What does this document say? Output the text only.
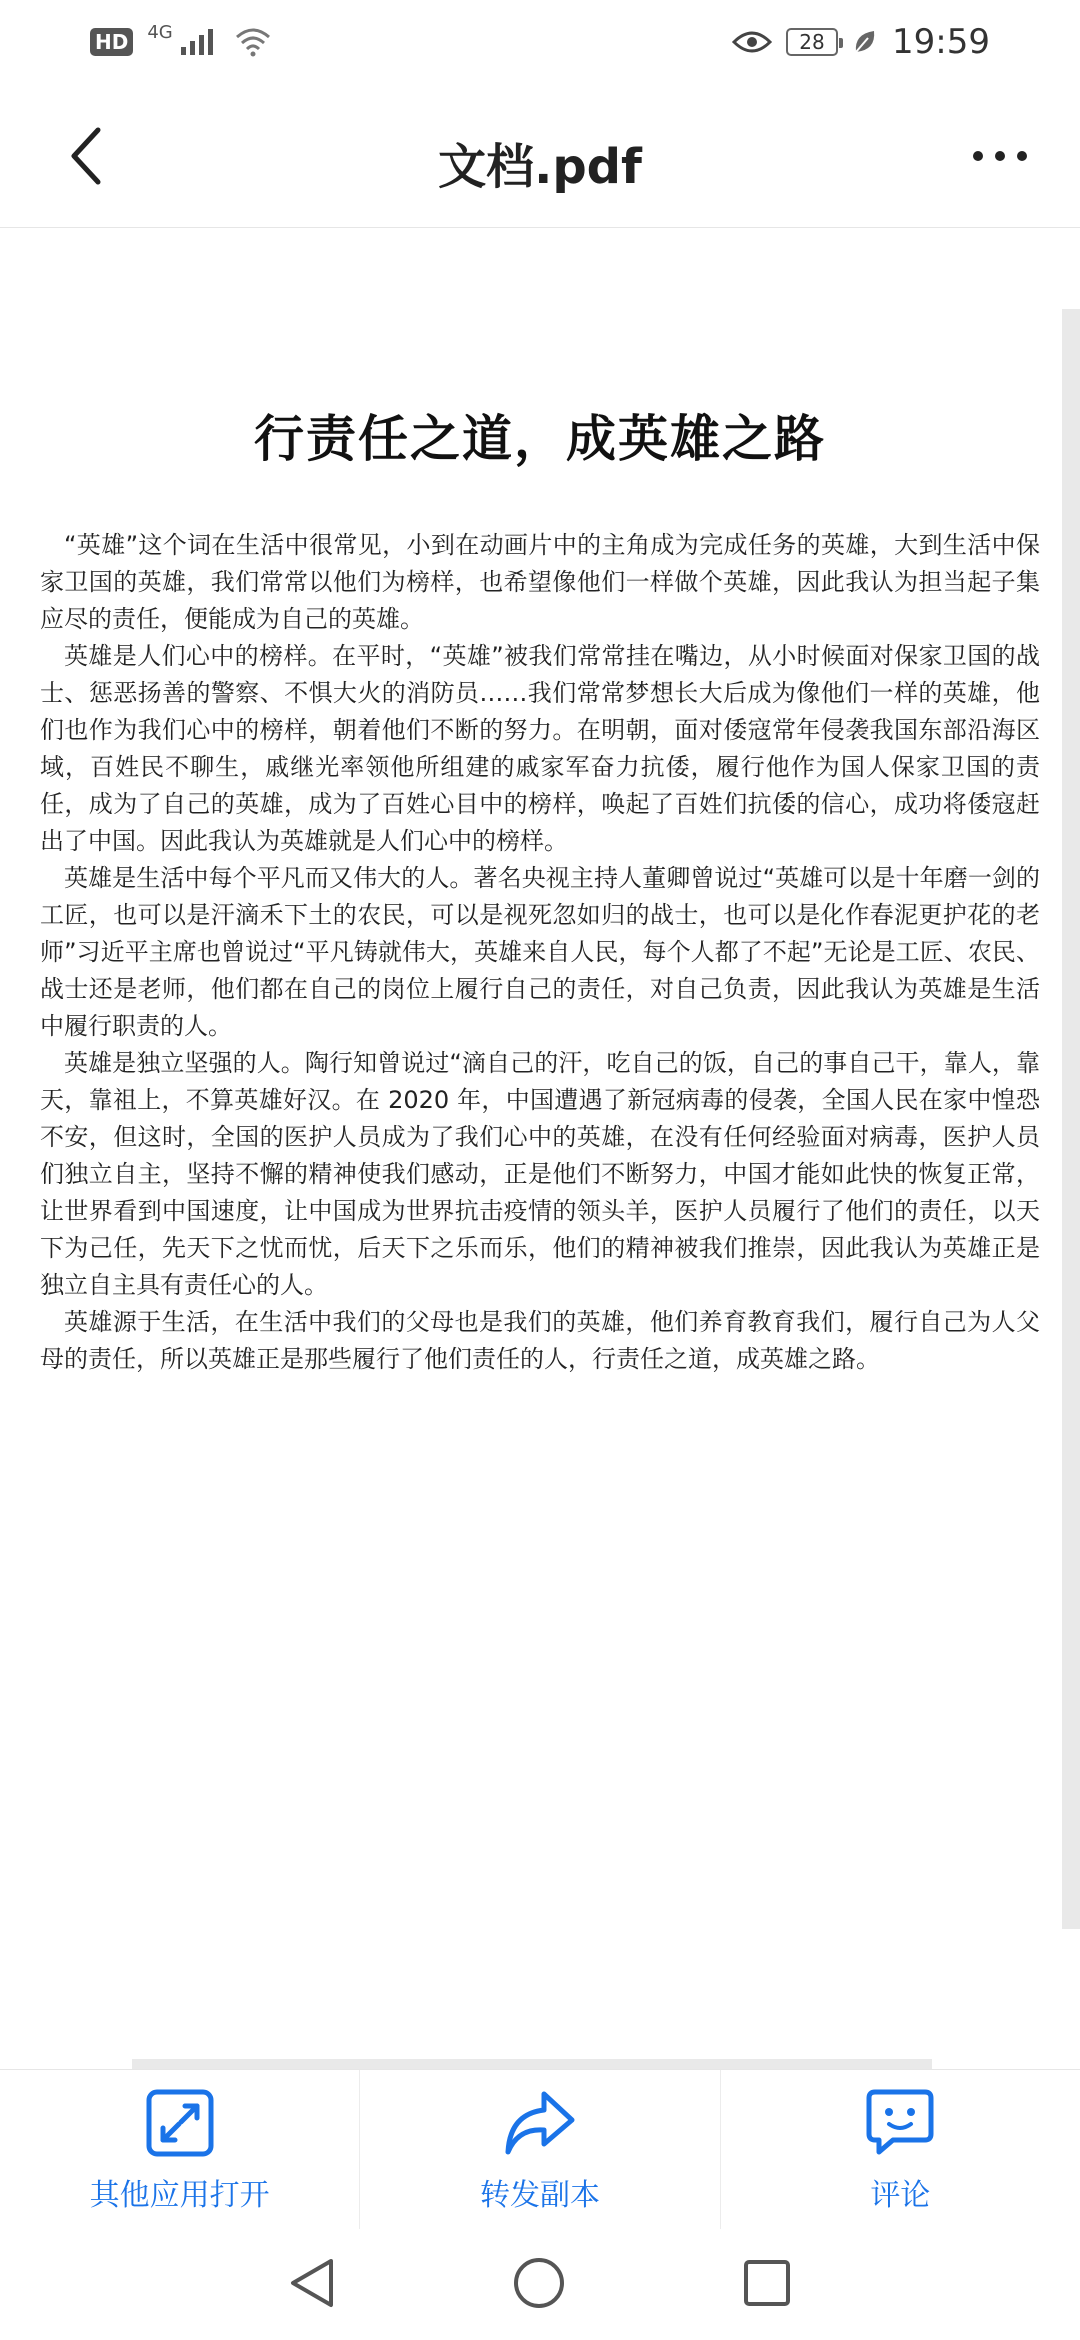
HD 4G	28 19:59
文档.pdf
行责任之道，成英雄之路

“英雄”这个词在生活中很常见，小到在动画片中的主角成为完成任务的英雄，大到生活中保家卫国的英雄，我们常常以他们为榜样，也希望像他们一样做个英雄，因此我认为担当起子集应尽的责任，便能成为自己的英雄。

英雄是人们心中的榜样。在平时，“英雄”被我们常常挂在嘴边，从小时候面对保家卫国的战士、惩恶扬善的警察、不惧大火的消防员……我们常常梦想长大后成为像他们一样的英雄，他们也作为我们心中的榜样，朝着他们不断的努力。在明朝，面对倭寇常年侵袭我国东部沿海区域，百姓民不聊生，戚继光率领他所组建的戚家军奋力抗倭，履行他作为国人保家卫国的责任，成为了自己的英雄，成为了百姓心目中的榜样，唤起了百姓们抗倭的信心，成功将倭寇赶出了中国。因此我认为英雄就是人们心中的榜样。

英雄是生活中每个平凡而又伟大的人。著名央视主持人董卿曾说过“英雄可以是十年磨一剑的工匠，也可以是汗滴禾下土的农民，可以是视死忽如归的战士，也可以是化作春泥更护花的老师”习近平主席也曾说过“平凡铸就伟大，英雄来自人民，每个人都了不起”无论是工匠、农民、战士还是老师，他们都在自己的岗位上履行自己的责任，对自己负责，因此我认为英雄是生活中履行职责的人。

英雄是独立坚强的人。陶行知曾说过“滴自己的汗，吃自己的饭，自己的事自己干，靠人，靠天，靠祖上，不算英雄好汉。在 2020 年，中国遭遇了新冠病毒的侵袭，全国人民在家中惶恐不安，但这时，全国的医护人员成为了我们心中的英雄，在没有任何经验面对病毒，医护人员们独立自主，坚持不懈的精神使我们感动，正是他们不断努力，中国才能如此快的恢复正常，让世界看到中国速度，让中国成为世界抗击疫情的领头羊，医护人员履行了他们的责任，以天下为己任，先天下之忧而忧，后天下之乐而乐，他们的精神被我们推崇，因此我认为英雄正是独立自主具有责任心的人。

英雄源于生活，在生活中我们的父母也是我们的英雄，他们养育教育我们，履行自己为人父母的责任，所以英雄正是那些履行了他们责任的人，行责任之道，成英雄之路。

其他应用打开	转发副本	评论
